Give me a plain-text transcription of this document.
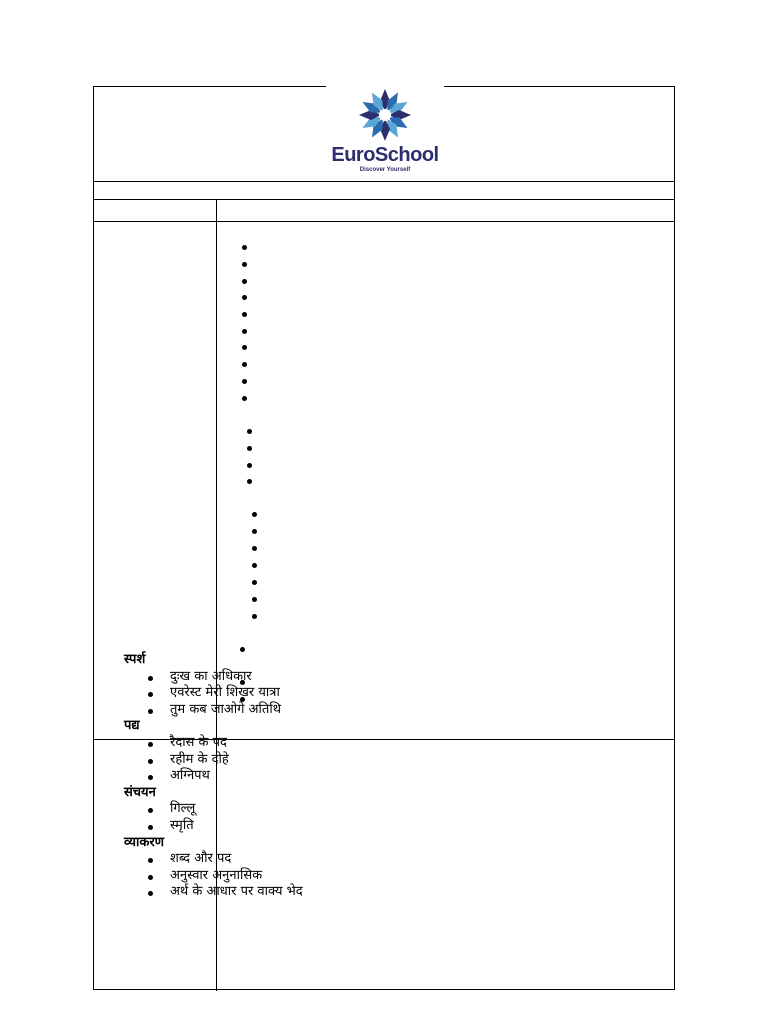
EuroSchool
Discover Yourself
स्पर्श
दुःख का अधिकार
एवरेस्ट मेरी शिखर यात्रा
तुम कब जाओगे अतिथि
पद्य
रैदास के पद
रहीम के दोहे
अग्निपथ
संचयन
गिल्लू
स्मृति
व्याकरण
शब्द और पद
अनुस्वार अनुनासिक
अर्थ के आधार पर वाक्य भेद
